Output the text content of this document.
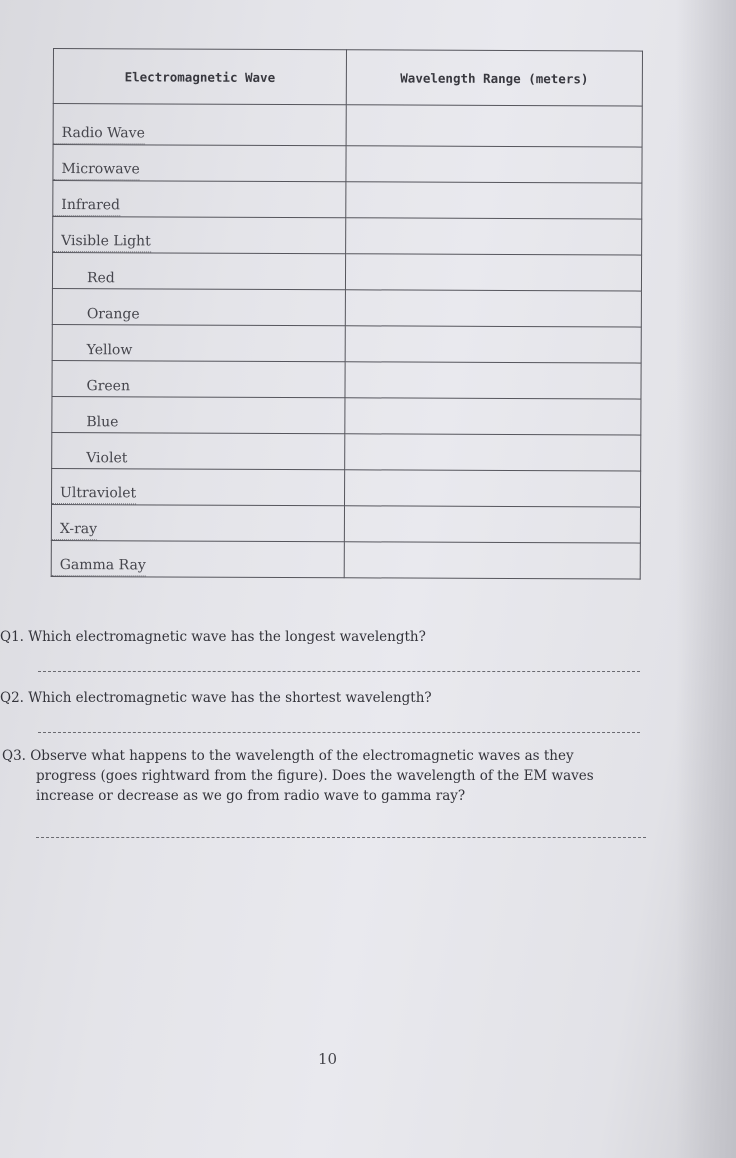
Electromagnetic Wave	Wavelength Range (meters)
Radio Wave	
Microwave	
Infrared	
Visible Light	
Red	
Orange	
Yellow	
Green	
Blue	
Violet	
Ultraviolet	
X-ray	
Gamma Ray	
Q1. Which electromagnetic wave has the longest wavelength?
Q2. Which electromagnetic wave has the shortest wavelength?
Q3. Observe what happens to the wavelength of the electromagnetic waves as they
progress (goes rightward from the figure). Does the wavelength of the EM waves
increase or decrease as we go from radio wave to gamma ray?
10
